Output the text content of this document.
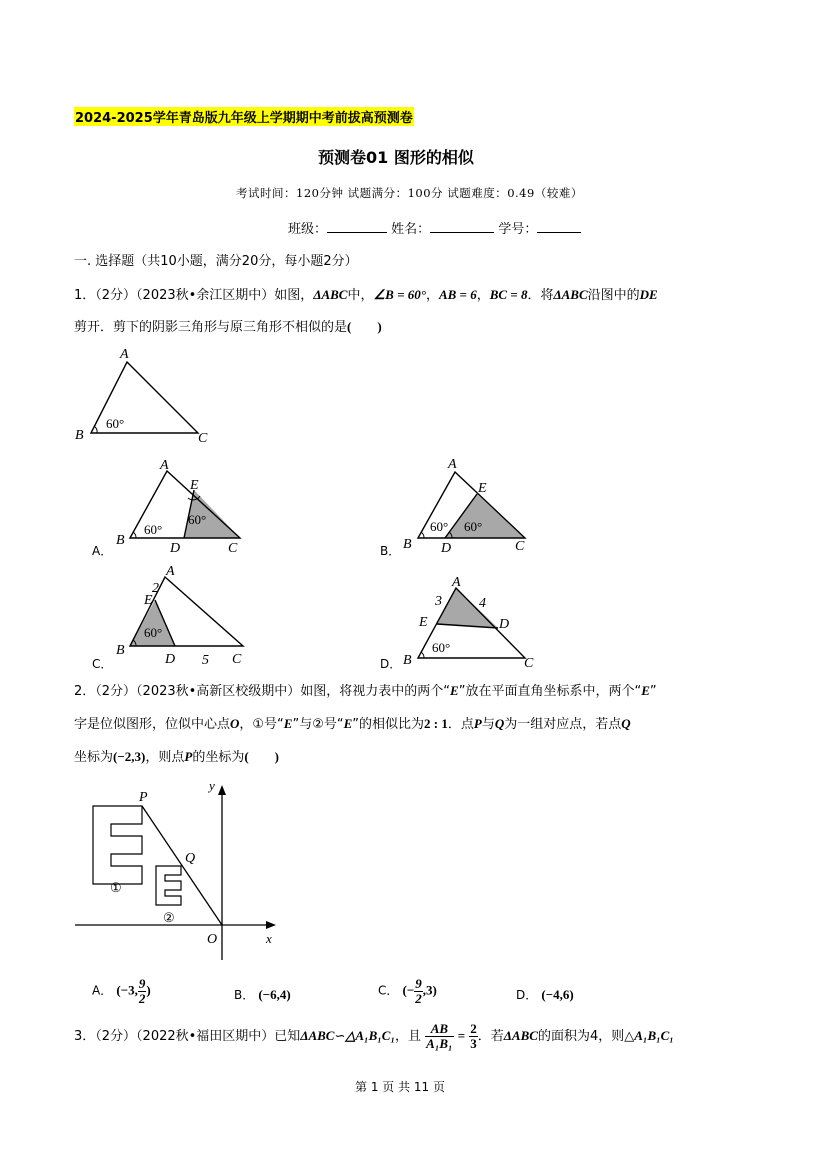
2024-2025学年青岛版九年级上学期期中考前拔高预测卷
预测卷01 图形的相似
考试时间：120分钟 试题满分：100分 试题难度：0.49（较难）
班级：	姓名：	学号：
一. 选择题（共10小题，满分20分，每小题2分）
1．（2分）（2023秋•余江区期中）如图，ΔABC中，∠B = 60°，AB = 6，BC = 8．将ΔABC沿图中的DE
剪开．剪下的阴影三角形与原三角形不相似的是(　　)
A
B	C
60°
A
E
B
D	C
60°
60°
A
E
B D	C
60° 60°
A
2
E
B
D 5 C
60°
A
3	4
E	D
B	C
60°
A．	B．
C．	D．
2．（2分）（2023秋•高新区校级期中）如图，将视力表中的两个“E”放在平面直角坐标系中，两个“E”
字是位似图形，位似中心点O，①号“E”与②号“E”的相似比为2 : 1．点P与Q为一组对应点，若点Q
坐标为(−2,3)，则点P的坐标为(　　)
P
Q
O	x
y
①
②
A． (−3, $\frac{9}{2}$ )	B． (−6,4)	C． (− $\frac{9}{2} ,3$)	D． (−4,6)
3．（2分）（2022秋•福田区期中）已知ΔABC∽△A₁B₁C₁，且 $\frac{AB}{\text{A₁B₁}} = \frac{2}{3}$ ．若ΔABC的面积为4，则△A₁B₁C₁
第 1 页 共 11 页
